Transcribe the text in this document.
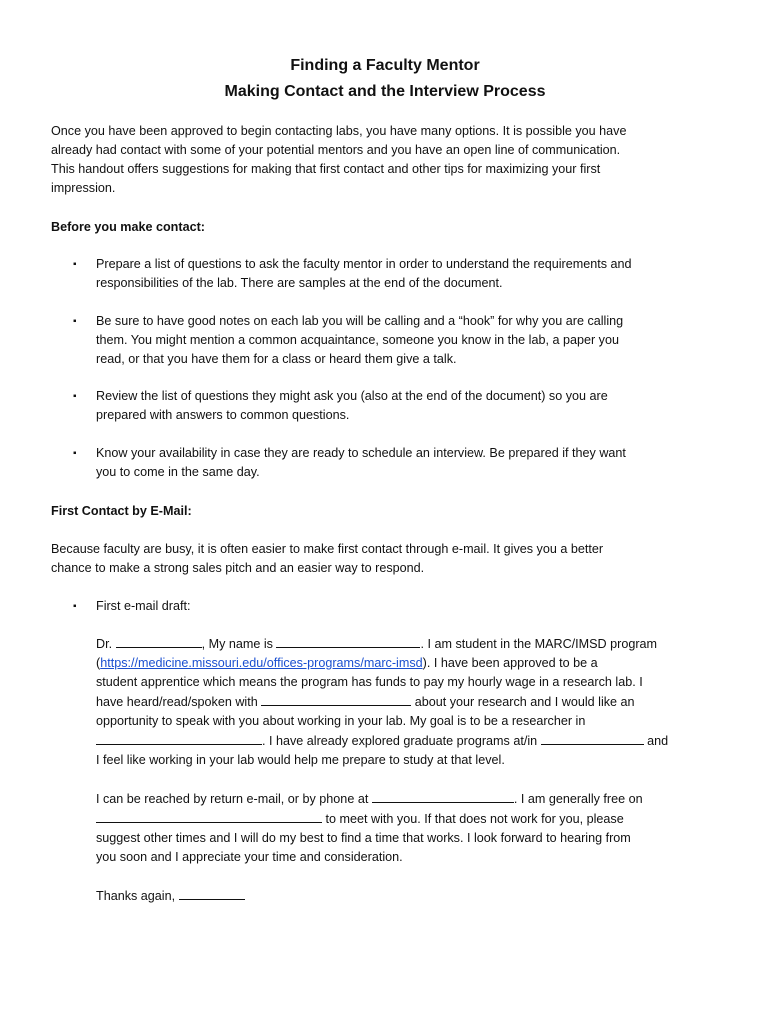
Finding a Faculty Mentor
Making Contact and the Interview Process
Once you have been approved to begin contacting labs, you have many options. It is possible you have
already had contact with some of your potential mentors and you have an open line of communication.
This handout offers suggestions for making that first contact and other tips for maximizing your first
impression.
Before you make contact:
▪ Prepare a list of questions to ask the faculty mentor in order to understand the requirements and
responsibilities of the lab. There are samples at the end of the document.
▪ Be sure to have good notes on each lab you will be calling and a “hook” for why you are calling
them. You might mention a common acquaintance, someone you know in the lab, a paper you
read, or that you have them for a class or heard them give a talk.
▪ Review the list of questions they might ask you (also at the end of the document) so you are
prepared with answers to common questions.
▪ Know your availability in case they are ready to schedule an interview. Be prepared if they want
you to come in the same day.
First Contact by E-Mail:
Because faculty are busy, it is often easier to make first contact through e-mail. It gives you a better
chance to make a strong sales pitch and an easier way to respond.
▪ First e-mail draft:
Dr.	, My name is	. I am student in the MARC/IMSD program
(https://medicine.missouri.edu/offices-programs/marc-imsd). I have been approved to be a
student apprentice which means the program has funds to pay my hourly wage in a research lab. I
have heard/read/spoken with	about your research and I would like an
opportunity to speak with you about working in your lab. My goal is to be a researcher in
. I have already explored graduate programs at/in	and
I feel like working in your lab would help me prepare to study at that level.
I can be reached by return e-mail, or by phone at	. I am generally free on
to meet with you. If that does not work for you, please
suggest other times and I will do my best to find a time that works. I look forward to hearing from
you soon and I appreciate your time and consideration.
Thanks again,
